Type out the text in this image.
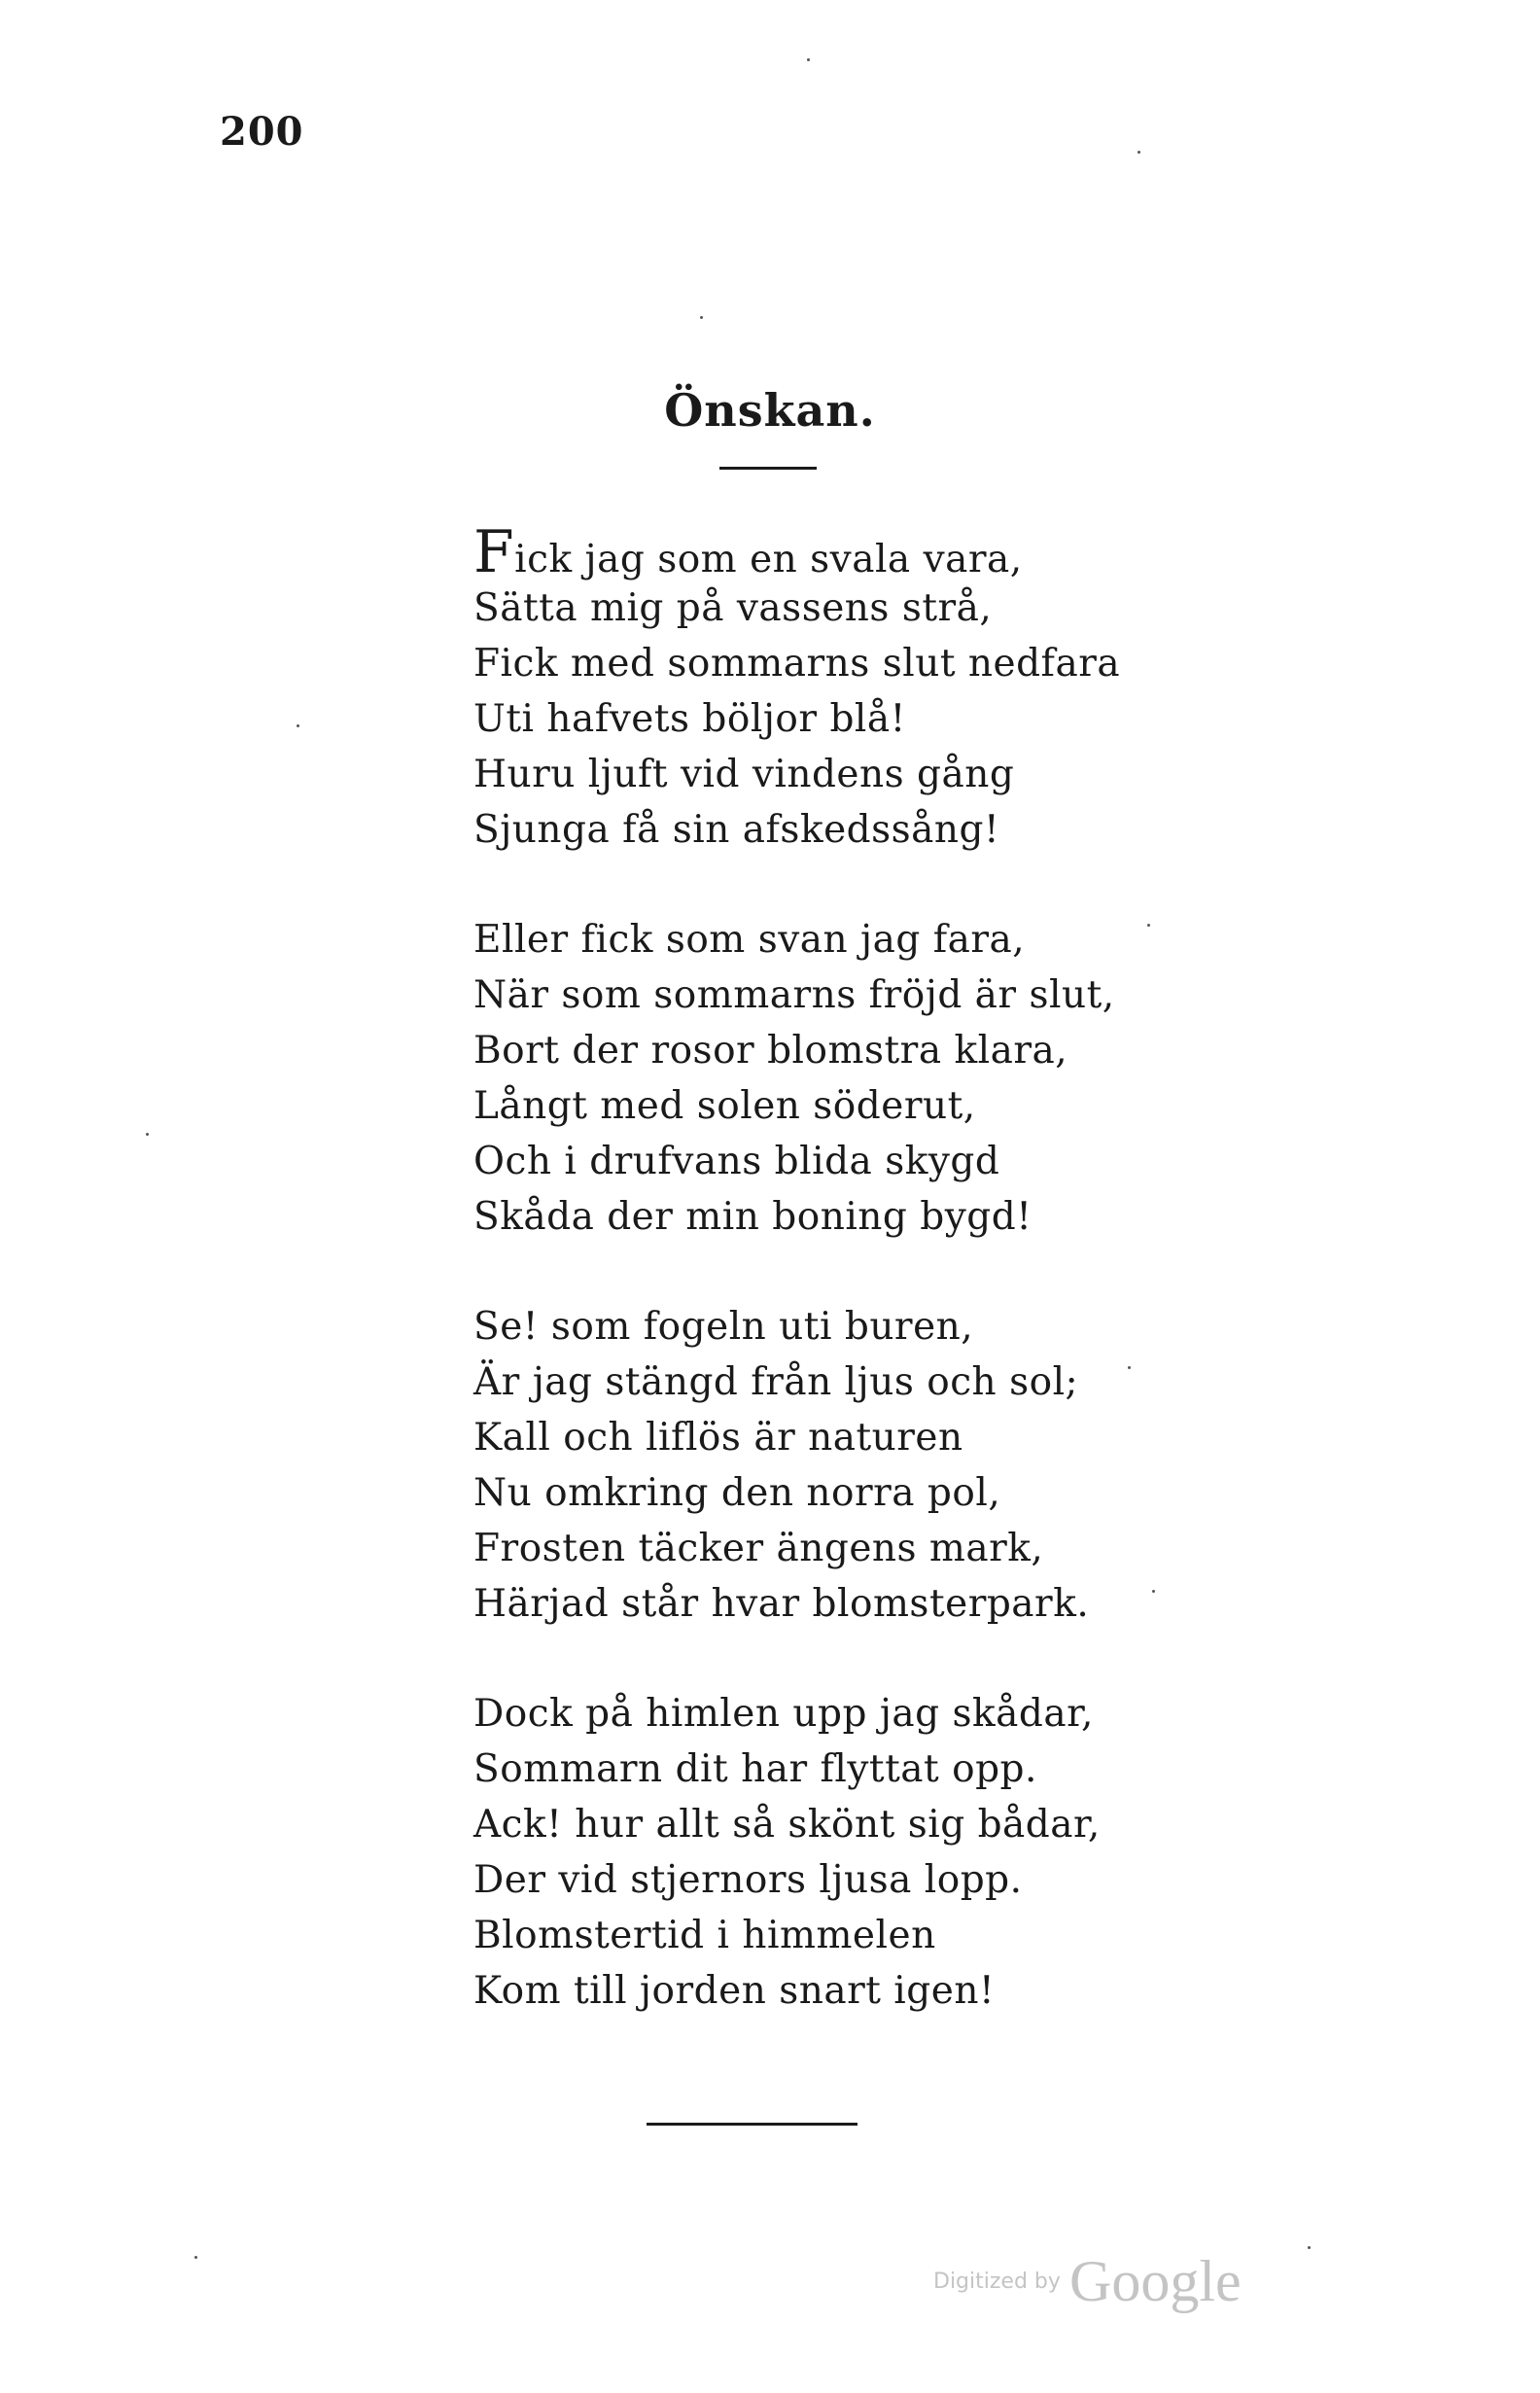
200
Önskan.
Fick jag som en svala vara,
Sätta mig på vassens strå,
Fick med sommarns slut nedfara
Uti hafvets böljor blå!
Huru ljuft vid vindens gång
Sjunga få sin afskedssång!
Eller fick som svan jag fara,
När som sommarns fröjd är slut,
Bort der rosor blomstra klara,
Långt med solen söderut,
Och i drufvans blida skygd
Skåda der min boning bygd!
Se! som fogeln uti buren,
Är jag stängd från ljus och sol;
Kall och liflös är naturen
Nu omkring den norra pol,
Frosten täcker ängens mark,
Härjad står hvar blomsterpark.
Dock på himlen upp jag skådar,
Sommarn dit har flyttat opp.
Ack! hur allt så skönt sig bådar,
Der vid stjernors ljusa lopp.
Blomstertid i himmelen
Kom till jorden snart igen!
Digitized by Google
